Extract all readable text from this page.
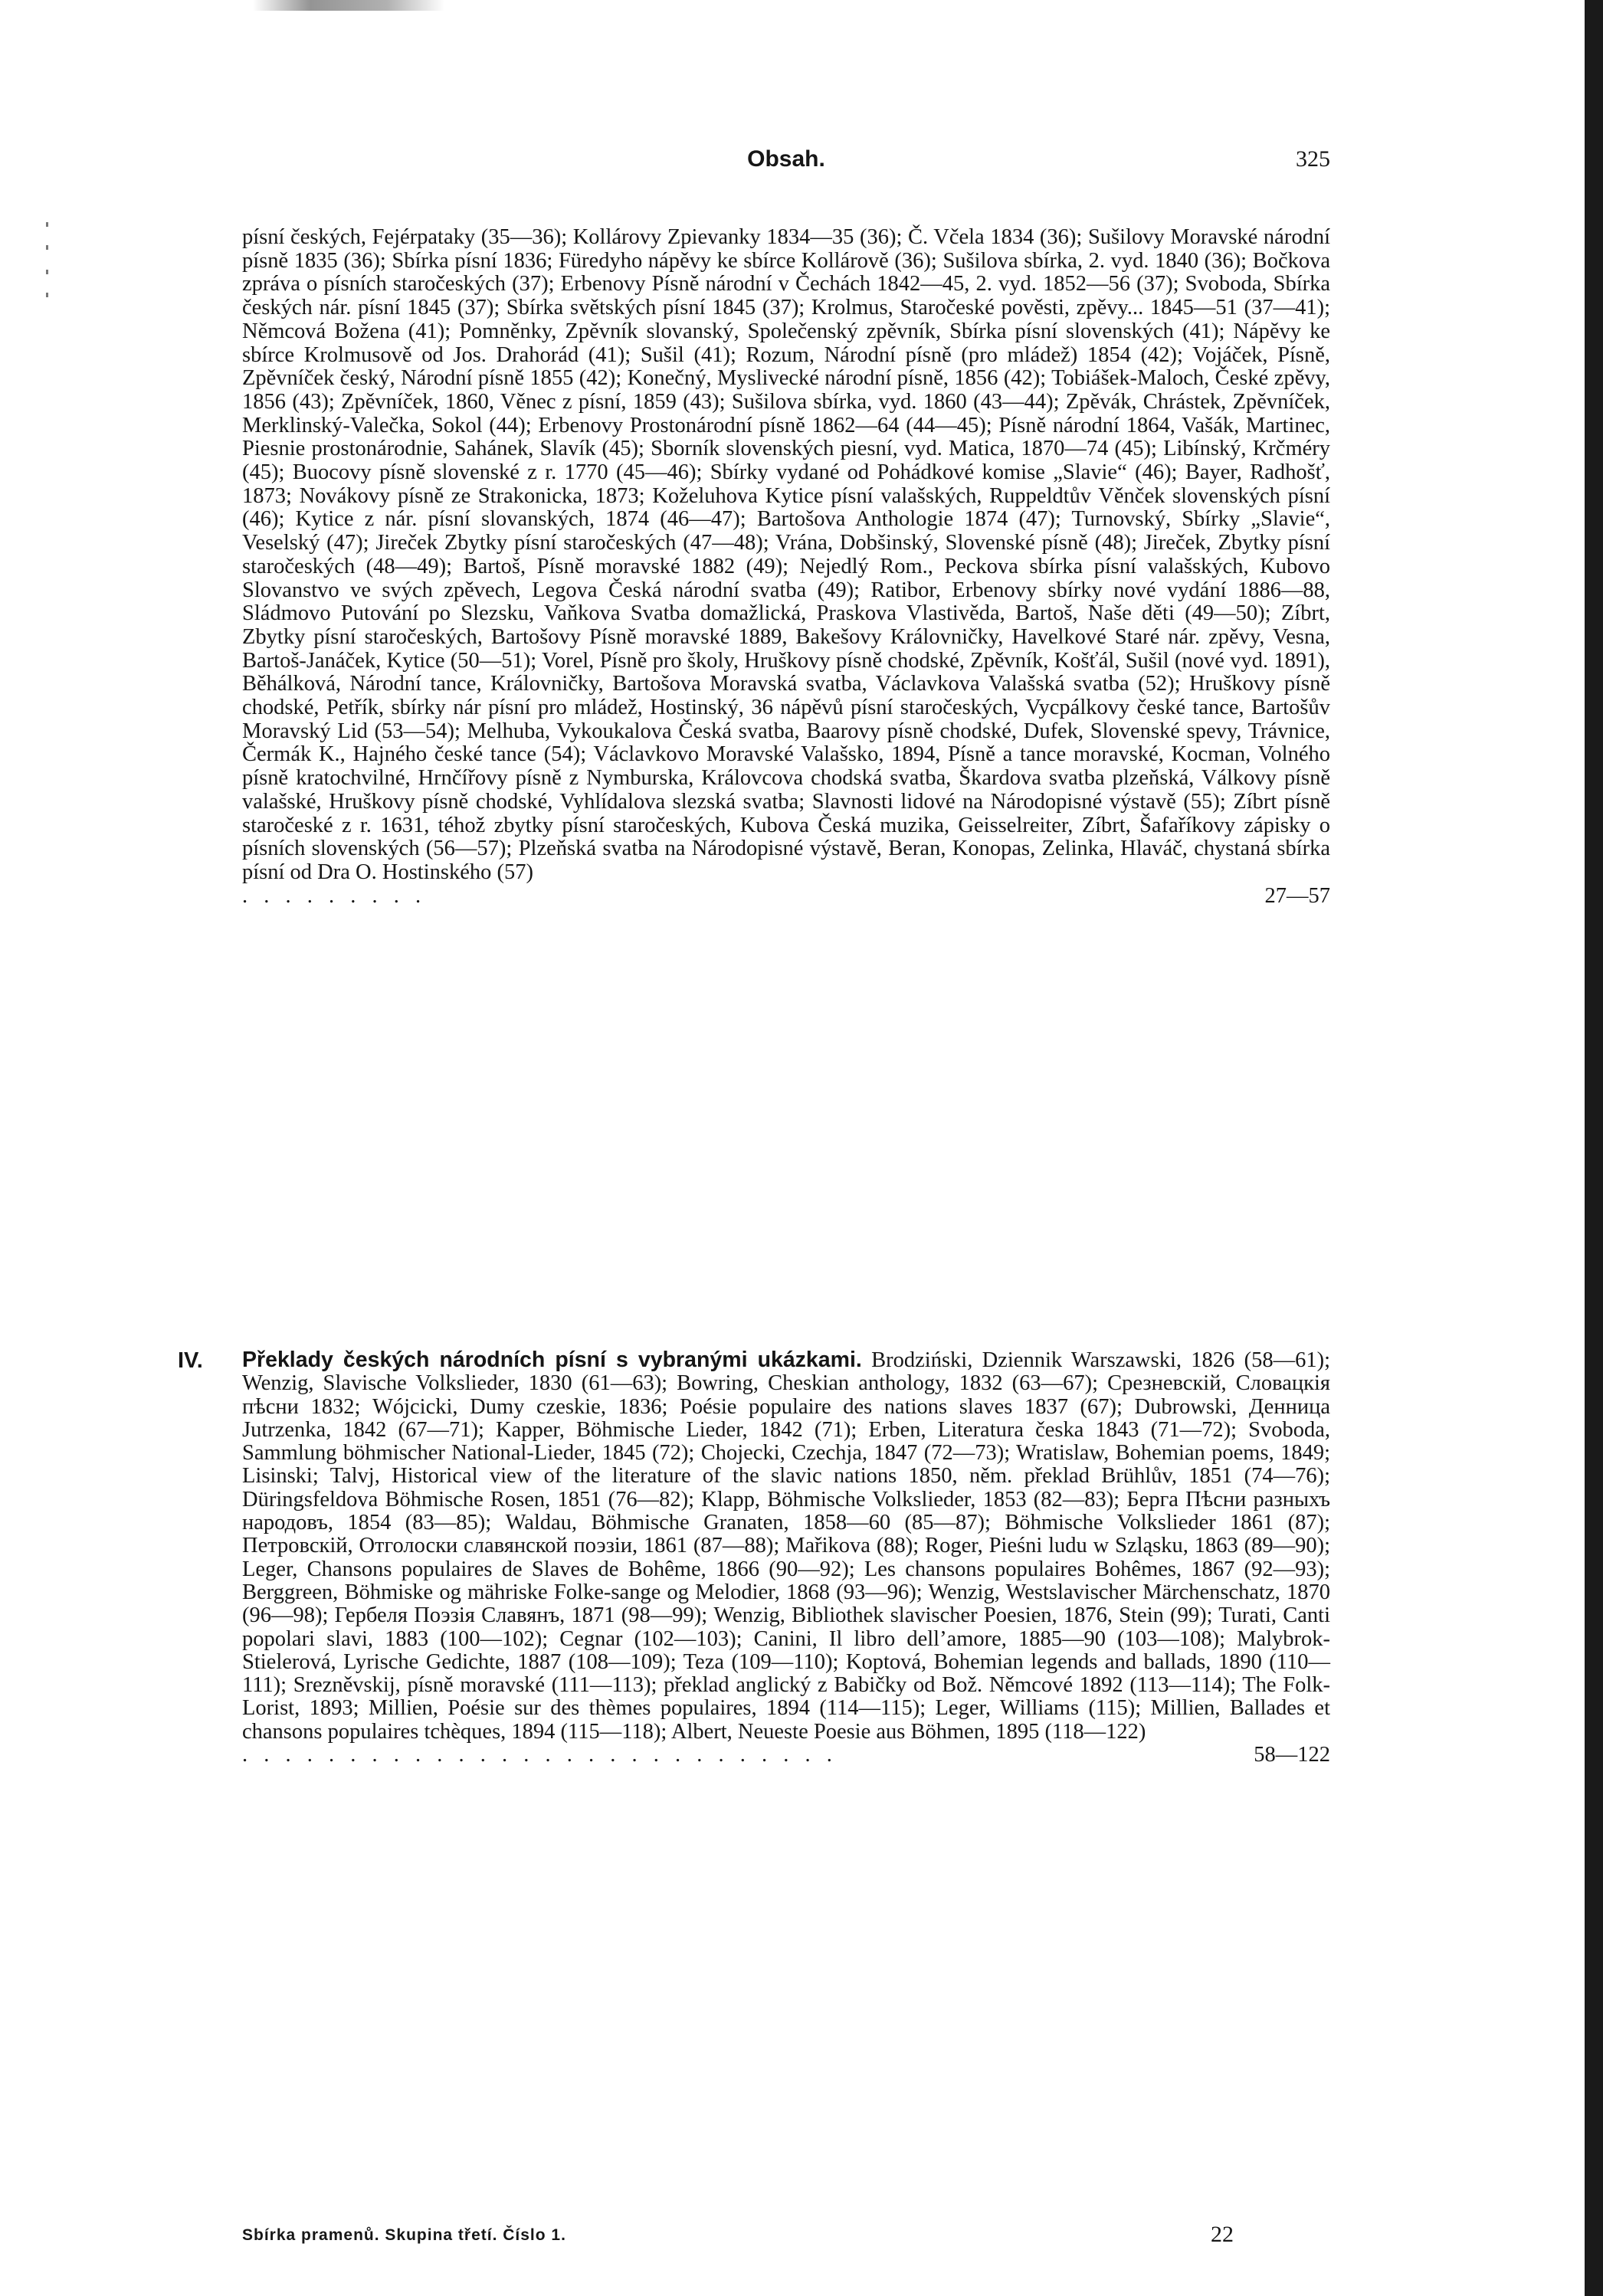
Obsah.	325
písní českých, Fejérpataky (35—36); Kollárovy Zpievanky 1834—35 (36); Č. Včela 1834 (36); Sušilovy Moravské národní písně 1835 (36); Sbírka písní 1836; Füredyho nápěvy ke sbírce Kollárově (36); Sušilova sbírka, 2. vyd. 1840 (36); Bočkova zpráva o písních staročeských (37); Erbenovy Písně národní v Čechách 1842—45, 2. vyd. 1852—56 (37); Svoboda, Sbírka českých nár. písní 1845 (37); Sbírka světských písní 1845 (37); Krolmus, Staročeské pověsti, zpěvy... 1845—51 (37—41); Němcová Božena (41); Pomněnky, Zpěvník slovanský, Společenský zpěvník, Sbírka písní slovenských (41); Nápěvy ke sbírce Krolmusově od Jos. Drahorád (41); Sušil (41); Rozum, Národní písně (pro mládež) 1854 (42); Vojáček, Písně, Zpěvníček český, Národní písně 1855 (42); Konečný, Myslivecké národní písně, 1856 (42); Tobiášek-Maloch, České zpěvy, 1856 (43); Zpěvníček, 1860, Věnec z písní, 1859 (43); Sušilova sbírka, vyd. 1860 (43—44); Zpěvák, Chrástek, Zpěvníček, Merklinský-Valečka, Sokol (44); Erbenovy Prostonárodní písně 1862—64 (44—45); Písně národní 1864, Vašák, Martinec, Piesnie prostonárodnie, Sahánek, Slavík (45); Sborník slovenských piesní, vyd. Matica, 1870—74 (45); Libínský, Krčméry (45); Buocovy písně slovenské z r. 1770 (45—46); Sbírky vydané od Pohádkové komise „Slavie“ (46); Bayer, Radhošť, 1873; Novákovy písně ze Strakonicka, 1873; Koželuhova Kytice písní valašských, Ruppeldtův Věnček slovenských písní (46); Kytice z nár. písní slovanských, 1874 (46—47); Bartošova Anthologie 1874 (47); Turnovský, Sbírky „Slavie“, Veselský (47); Jireček Zbytky písní staročeských (47—48); Vrána, Dobšinský, Slovenské písně (48); Jireček, Zbytky písní staročeských (48—49); Bartoš, Písně moravské 1882 (49); Nejedlý Rom., Peckova sbírka písní valašských, Kubovo Slovanstvo ve svých zpěvech, Legova Česká národní svatba (49); Ratibor, Erbenovy sbírky nové vydání 1886—88, Sládmovo Putování po Slezsku, Vaňkova Svatba domažlická, Praskova Vlastivěda, Bartoš, Naše děti (49—50); Zíbrt, Zbytky písní staročeských, Bartošovy Písně moravské 1889, Bakešovy Královničky, Havelkové Staré nár. zpěvy, Vesna, Bartoš-Janáček, Kytice (50—51); Vorel, Písně pro školy, Hruškovy písně chodské, Zpěvník, Košťál, Sušil (nové vyd. 1891), Běhálková, Národní tance, Královničky, Bartošova Moravská svatba, Václavkova Valašská svatba (52); Hruškovy písně chodské, Petřík, sbírky nár písní pro mládež, Hostinský, 36 nápěvů písní staročeských, Vycpálkovy české tance, Bartošův Moravský Lid (53—54); Melhuba, Vykoukalova Česká svatba, Baarovy písně chodské, Dufek, Slovenské spevy, Trávnice, Čermák K., Hajného české tance (54); Václavkovo Moravské Valašsko, 1894, Písně a tance moravské, Kocman, Volného písně kratochvilné, Hrnčířovy písně z Nymburska, Královcova chodská svatba, Škardova svatba plzeňská, Válkovy písně valašské, Hruškovy písně chodské, Vyhlídalova slezská svatba; Slavnosti lidové na Národopisné výstavě (55); Zíbrt písně staročeské z r. 1631, téhož zbytky písní staročeských, Kubova Česká muzika, Geisselreiter, Zíbrt, Šafaříkovy zápisky o písních slovenských (56—57); Plzeňská svatba na Národopisné výstavě, Beran, Konopas, Zelinka, Hlaváč, chystaná sbírka písní od Dra O. Hostinského (57)
. . . . . . . . .	27—57
IV. Překlady českých národních písní s vybranými ukázkami. Brodziński, Dziennik Warszawski, 1826 (58—61); Wenzig, Slavische Volkslieder, 1830 (61—63); Bowring, Cheskian anthology, 1832 (63—67); Срезневскій, Словацкія пѣсни 1832; Wójcicki, Dumy czeskie, 1836; Poésie populaire des nations slaves 1837 (67); Dubrowski, Денница Jutrzenka, 1842 (67—71); Kapper, Böhmische Lieder, 1842 (71); Erben, Literatura česka 1843 (71—72); Svoboda, Sammlung böhmischer National-Lieder, 1845 (72); Chojecki, Czechja, 1847 (72—73); Wratislaw, Bohemian poems, 1849; Lisinski; Talvj, Historical view of the literature of the slavic nations 1850, něm. překlad Brühlův, 1851 (74—76); Düringsfeldova Böhmische Rosen, 1851 (76—82); Klapp, Böhmische Volkslieder, 1853 (82—83); Берга Пѣсни разныхъ народовъ, 1854 (83—85); Waldau, Böhmische Granaten, 1858—60 (85—87); Böhmische Volkslieder 1861 (87); Петровскій, Отголоски славянской поэзіи, 1861 (87—88); Mařikova (88); Roger, Pieśni ludu w Szląsku, 1863 (89—90); Leger, Chansons populaires de Slaves de Bohême, 1866 (90—92); Les chansons populaires Bohêmes, 1867 (92—93); Berggreen, Böhmiske og mähriske Folke-sange og Melodier, 1868 (93—96); Wenzig, Westslavischer Märchenschatz, 1870 (96—98); Гербеля Поэзія Славянъ, 1871 (98—99); Wenzig, Bibliothek slavischer Poesien, 1876, Stein (99); Turati, Canti popolari slavi, 1883 (100—102); Cegnar (102—103); Canini, Il libro dell’amore, 1885—90 (103—108); Malybrok-Stielerová, Lyrische Gedichte, 1887 (108—109); Teza (109—110); Koptová, Bohemian legends and ballads, 1890 (110—111); Srezněvskij, písně moravské (111—113); překlad anglický z Babičky od Bož. Němcové 1892 (113—114); The Folk-Lorist, 1893; Millien, Poésie sur des thèmes populaires, 1894 (114—115); Leger, Williams (115); Millien, Ballades et chansons populaires tchèques, 1894 (115—118); Albert, Neueste Poesie aus Böhmen, 1895 (118—122)
. . . . . . . . . . . . . . . . . . . . . . . . . . . .	58—122
Sbírka pramenů. Skupina třetí. Číslo 1.	22
